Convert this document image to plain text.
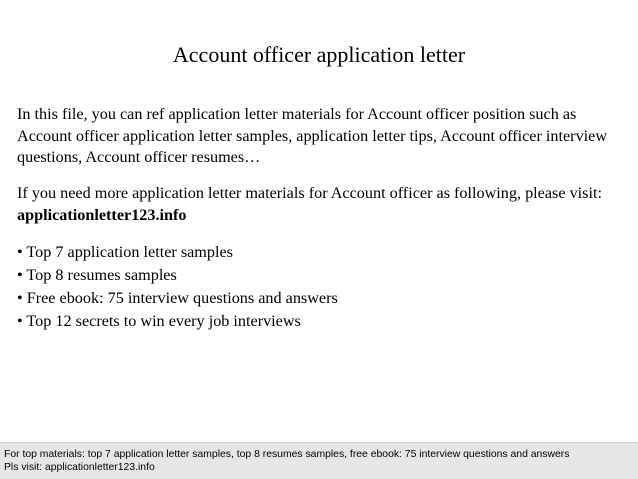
Account officer application letter
In this file, you can ref application letter materials for Account officer position such as Account officer application letter samples, application letter tips, Account officer interview questions, Account officer resumes…
If you need more application letter materials for Account officer as following, please visit: applicationletter123.info
• Top 7 application letter samples
• Top 8 resumes samples
• Free ebook: 75 interview questions and answers
• Top 12 secrets to win every job interviews
For top materials: top 7 application letter samples, top 8 resumes samples, free ebook: 75 interview questions and answers
Pls visit: applicationletter123.info
